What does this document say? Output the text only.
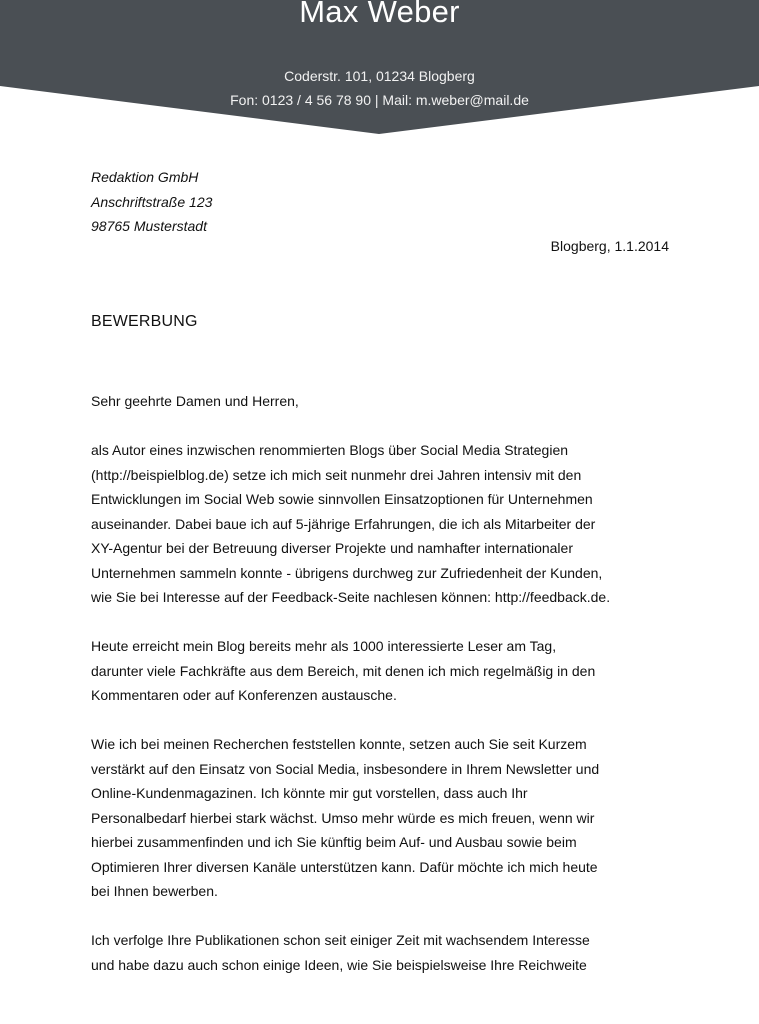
Max Weber
Coderstr. 101, 01234 Blogberg
Fon: 0123 / 4 56 78 90 | Mail: m.weber@mail.de
Redaktion GmbH
Anschriftstraße 123
98765 Musterstadt
Blogberg, 1.1.2014
BEWERBUNG

Sehr geehrte Damen und Herren,

als Autor eines inzwischen renommierten Blogs über Social Media Strategien
(http://beispielblog.de) setze ich mich seit nunmehr drei Jahren intensiv mit den
Entwicklungen im Social Web sowie sinnvollen Einsatzoptionen für Unternehmen
auseinander. Dabei baue ich auf 5-jährige Erfahrungen, die ich als Mitarbeiter der
XY-Agentur bei der Betreuung diverser Projekte und namhafter internationaler
Unternehmen sammeln konnte - übrigens durchweg zur Zufriedenheit der Kunden,
wie Sie bei Interesse auf der Feedback-Seite nachlesen können: http://feedback.de.

Heute erreicht mein Blog bereits mehr als 1000 interessierte Leser am Tag,
darunter viele Fachkräfte aus dem Bereich, mit denen ich mich regelmäßig in den
Kommentaren oder auf Konferenzen austausche.

Wie ich bei meinen Recherchen feststellen konnte, setzen auch Sie seit Kurzem
verstärkt auf den Einsatz von Social Media, insbesondere in Ihrem Newsletter und
Online-Kundenmagazinen. Ich könnte mir gut vorstellen, dass auch Ihr
Personalbedarf hierbei stark wächst. Umso mehr würde es mich freuen, wenn wir
hierbei zusammenfinden und ich Sie künftig beim Auf- und Ausbau sowie beim
Optimieren Ihrer diversen Kanäle unterstützen kann. Dafür möchte ich mich heute
bei Ihnen bewerben.

Ich verfolge Ihre Publikationen schon seit einiger Zeit mit wachsendem Interesse
und habe dazu auch schon einige Ideen, wie Sie beispielsweise Ihre Reichweite
